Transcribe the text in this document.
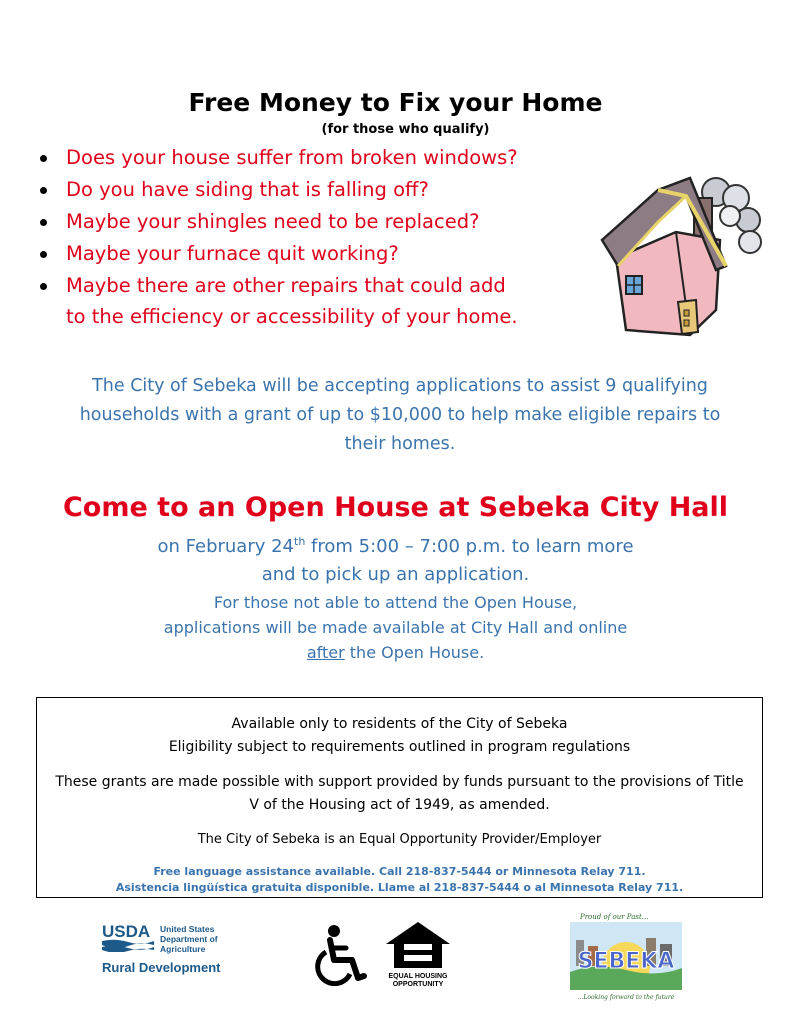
Free Money to Fix your Home
(for those who qualify)
Does your house suffer from broken windows?
Do you have siding that is falling off?
Maybe your shingles need to be replaced?
Maybe your furnace quit working?
Maybe there are other repairs that could add
to the efficiency or accessibility of your home.
The City of Sebeka will be accepting applications to assist 9 qualifying
households with a grant of up to $10,000 to help make eligible repairs to
their homes.
Come to an Open House at Sebeka City Hall
on February 24th from 5:00 – 7:00 p.m. to learn more
and to pick up an application.
For those not able to attend the Open House,
applications will be made available at City Hall and online
after the Open House.
Available only to residents of the City of Sebeka
Eligibility subject to requirements outlined in program regulations
These grants are made possible with support provided by funds pursuant to the provisions of Title
V of the Housing act of 1949, as amended.
The City of Sebeka is an Equal Opportunity Provider/Employer
Free language assistance available. Call 218-837-5444 or Minnesota Relay 711.
Asistencia lingüística gratuita disponible. Llame al 218-837-5444 o al Minnesota Relay 711.
USDA United States
Department of
Agriculture
Rural Development
EQUAL HOUSING
OPPORTUNITY
Proud of our Past...
SEBEKA
...Looking forward to the future
